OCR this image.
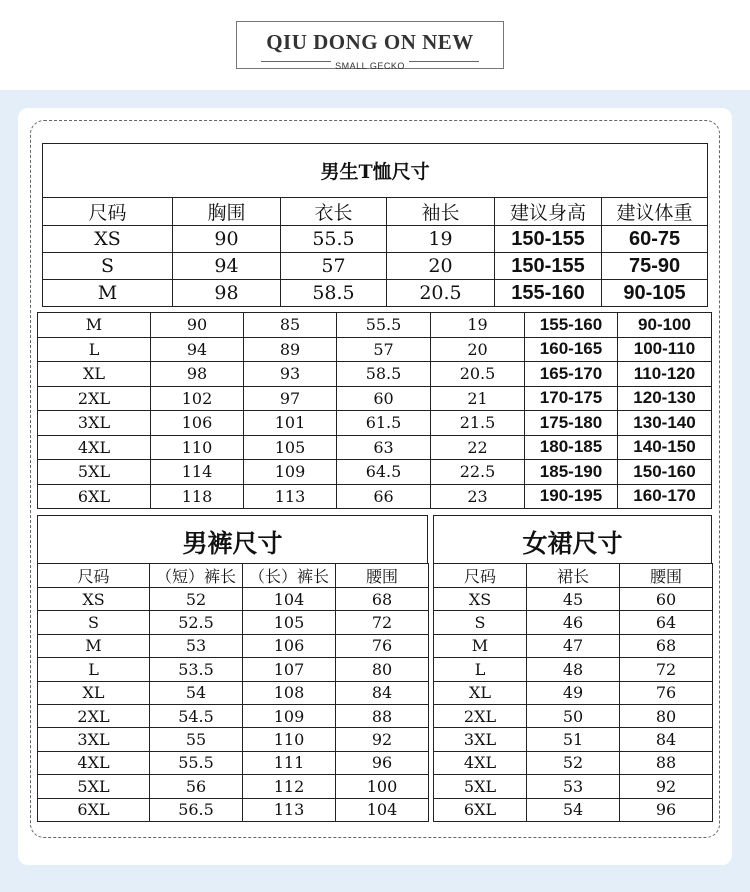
QIU DONG ON NEW
SMALL GECKO
男生T恤尺寸					
尺码	胸围	衣长	袖长	建议身高	建议体重
XS	90	55.5	19	150-155	60-75
S	94	57	20	150-155	75-90
M	98	58.5	20.5	155-160	90-105
M	90	85	55.5	19	155-160	90-100
L	94	89	57	20	160-165	100-110
XL	98	93	58.5	20.5	165-170	110-120
2XL	102	97	60	21	170-175	120-130
3XL	106	101	61.5	21.5	175-180	130-140
4XL	110	105	63	22	180-185	140-150
5XL	114	109	64.5	22.5	185-190	150-160
6XL	118	113	66	23	190-195	160-170
男裤尺寸
尺码	（短）裤长	（长）裤长	腰围
XS	52	104	68
S	52.5	105	72
M	53	106	76
L	53.5	107	80
XL	54	108	84
2XL	54.5	109	88
3XL	55	110	92
4XL	55.5	111	96
5XL	56	112	100
6XL	56.5	113	104
女裙尺寸
尺码	裙长	腰围
XS	45	60
S	46	64
M	47	68
L	48	72
XL	49	76
2XL	50	80
3XL	51	84
4XL	52	88
5XL	53	92
6XL	54	96
